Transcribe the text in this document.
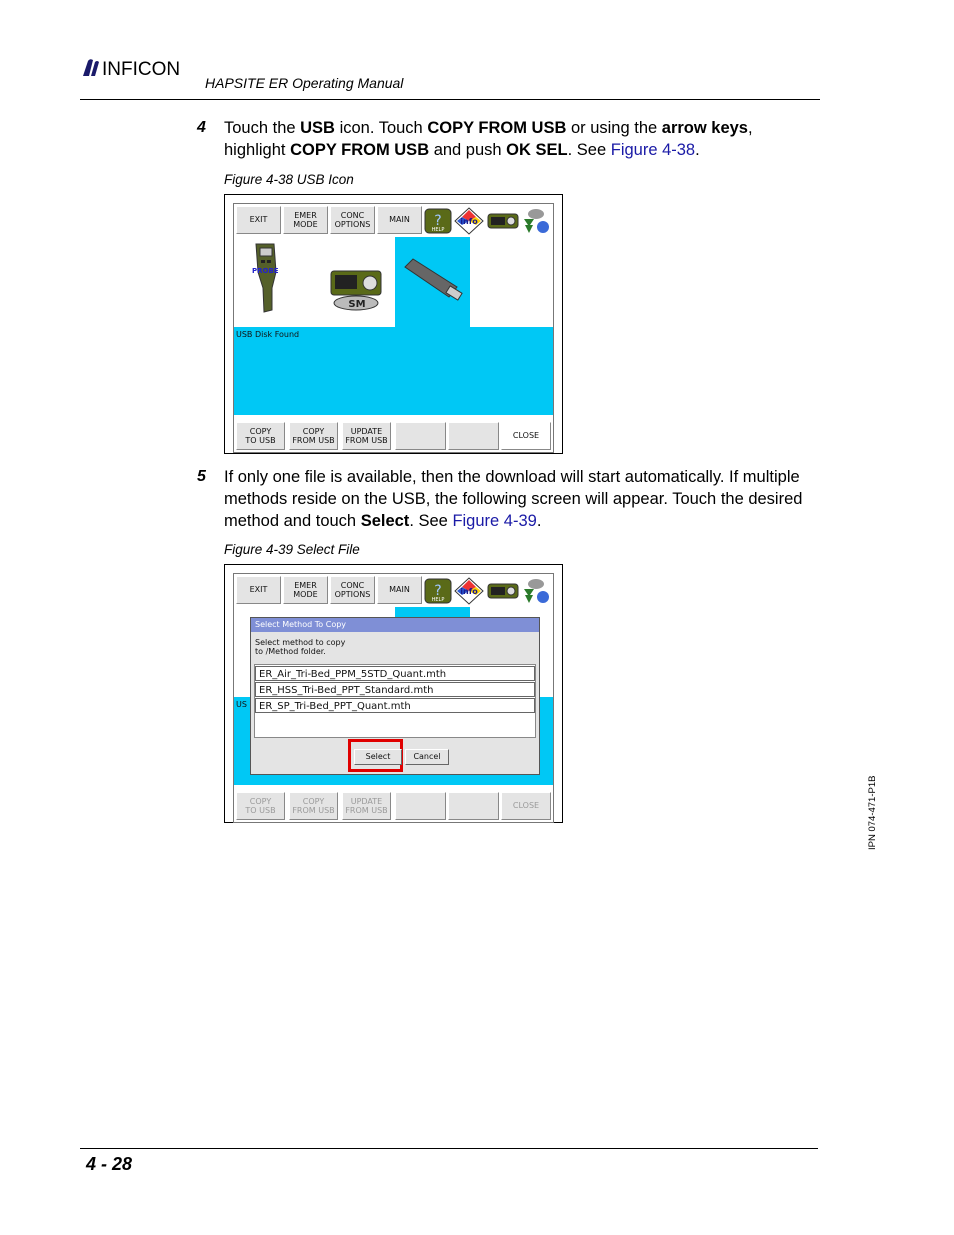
INFICON
HAPSITE ER Operating Manual
4 Touch the USB icon. Touch COPY FROM USB or using the arrow keys,
highlight COPY FROM USB and push OK SEL. See Figure 4-38.
Figure 4-38 USB Icon
EXIT
EMER
MODE
CONC
OPTIONS
MAIN ?
HELP
info
PROBE
SM
USB Disk Found
COPY
TO USB
COPY
FROM USB
UPDATE
FROM USB
CLOSE
5 If only one file is available, then the download will start automatically. If multiple
methods reside on the USB, the following screen will appear. Touch the desired
method and touch Select. See Figure 4-39.
Figure 4-39 Select File
EXIT
EMER
MODE
CONC
OPTIONS
MAIN ?
HELP
info
US
Select Method To Copy
Select method to copy
to /Method folder.
ER_Air_Tri-Bed_PPM_5STD_Quant.mth
ER_HSS_Tri-Bed_PPT_Standard.mth
ER_SP_Tri-Bed_PPT_Quant.mth
Select	Cancel
COPY
TO USB
COPY
FROM USB
UPDATE
FROM USB
CLOSE	IPN 074-471-P1B
4 - 28
